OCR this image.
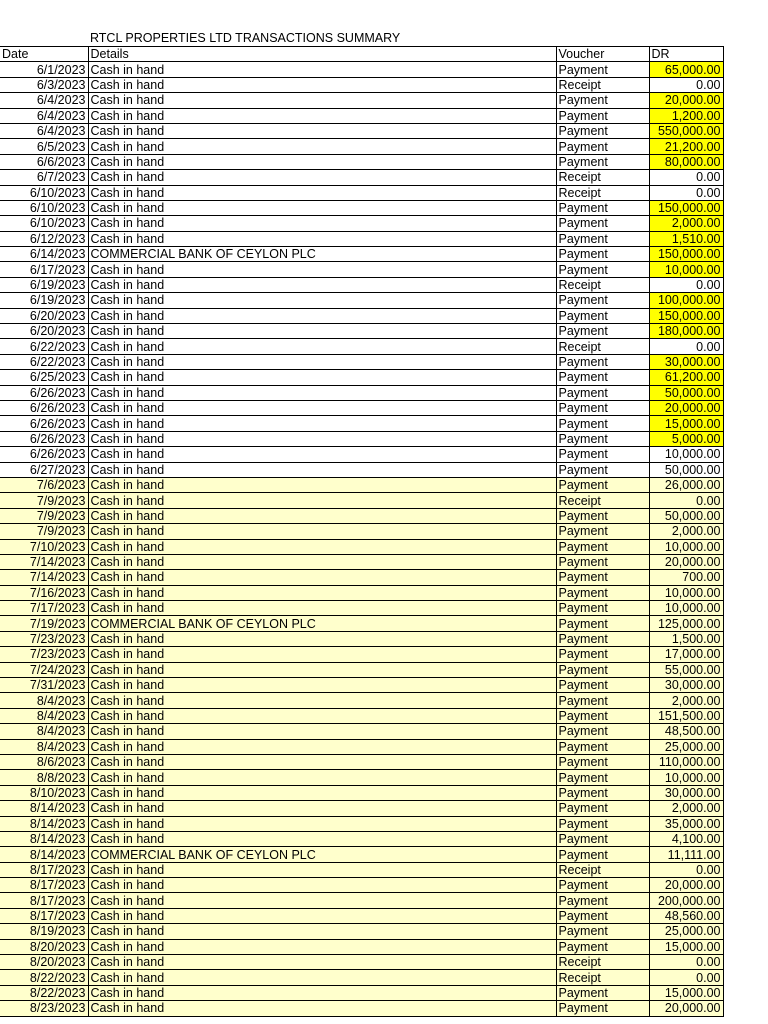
RTCL PROPERTIES LTD TRANSACTIONS SUMMARY
Date	Details	Voucher	DR
6/1/2023	Cash in hand	Payment	65,000.00
6/3/2023	Cash in hand	Receipt	0.00
6/4/2023	Cash in hand	Payment	20,000.00
6/4/2023	Cash in hand	Payment	1,200.00
6/4/2023	Cash in hand	Payment	550,000.00
6/5/2023	Cash in hand	Payment	21,200.00
6/6/2023	Cash in hand	Payment	80,000.00
6/7/2023	Cash in hand	Receipt	0.00
6/10/2023	Cash in hand	Receipt	0.00
6/10/2023	Cash in hand	Payment	150,000.00
6/10/2023	Cash in hand	Payment	2,000.00
6/12/2023	Cash in hand	Payment	1,510.00
6/14/2023	COMMERCIAL BANK OF CEYLON PLC	Payment	150,000.00
6/17/2023	Cash in hand	Payment	10,000.00
6/19/2023	Cash in hand	Receipt	0.00
6/19/2023	Cash in hand	Payment	100,000.00
6/20/2023	Cash in hand	Payment	150,000.00
6/20/2023	Cash in hand	Payment	180,000.00
6/22/2023	Cash in hand	Receipt	0.00
6/22/2023	Cash in hand	Payment	30,000.00
6/25/2023	Cash in hand	Payment	61,200.00
6/26/2023	Cash in hand	Payment	50,000.00
6/26/2023	Cash in hand	Payment	20,000.00
6/26/2023	Cash in hand	Payment	15,000.00
6/26/2023	Cash in hand	Payment	5,000.00
6/26/2023	Cash in hand	Payment	10,000.00
6/27/2023	Cash in hand	Payment	50,000.00
7/6/2023	Cash in hand	Payment	26,000.00
7/9/2023	Cash in hand	Receipt	0.00
7/9/2023	Cash in hand	Payment	50,000.00
7/9/2023	Cash in hand	Payment	2,000.00
7/10/2023	Cash in hand	Payment	10,000.00
7/14/2023	Cash in hand	Payment	20,000.00
7/14/2023	Cash in hand	Payment	700.00
7/16/2023	Cash in hand	Payment	10,000.00
7/17/2023	Cash in hand	Payment	10,000.00
7/19/2023	COMMERCIAL BANK OF CEYLON PLC	Payment	125,000.00
7/23/2023	Cash in hand	Payment	1,500.00
7/23/2023	Cash in hand	Payment	17,000.00
7/24/2023	Cash in hand	Payment	55,000.00
7/31/2023	Cash in hand	Payment	30,000.00
8/4/2023	Cash in hand	Payment	2,000.00
8/4/2023	Cash in hand	Payment	151,500.00
8/4/2023	Cash in hand	Payment	48,500.00
8/4/2023	Cash in hand	Payment	25,000.00
8/6/2023	Cash in hand	Payment	110,000.00
8/8/2023	Cash in hand	Payment	10,000.00
8/10/2023	Cash in hand	Payment	30,000.00
8/14/2023	Cash in hand	Payment	2,000.00
8/14/2023	Cash in hand	Payment	35,000.00
8/14/2023	Cash in hand	Payment	4,100.00
8/14/2023	COMMERCIAL BANK OF CEYLON PLC	Payment	11,111.00
8/17/2023	Cash in hand	Receipt	0.00
8/17/2023	Cash in hand	Payment	20,000.00
8/17/2023	Cash in hand	Payment	200,000.00
8/17/2023	Cash in hand	Payment	48,560.00
8/19/2023	Cash in hand	Payment	25,000.00
8/20/2023	Cash in hand	Payment	15,000.00
8/20/2023	Cash in hand	Receipt	0.00
8/22/2023	Cash in hand	Receipt	0.00
8/22/2023	Cash in hand	Payment	15,000.00
8/23/2023	Cash in hand	Payment	20,000.00
